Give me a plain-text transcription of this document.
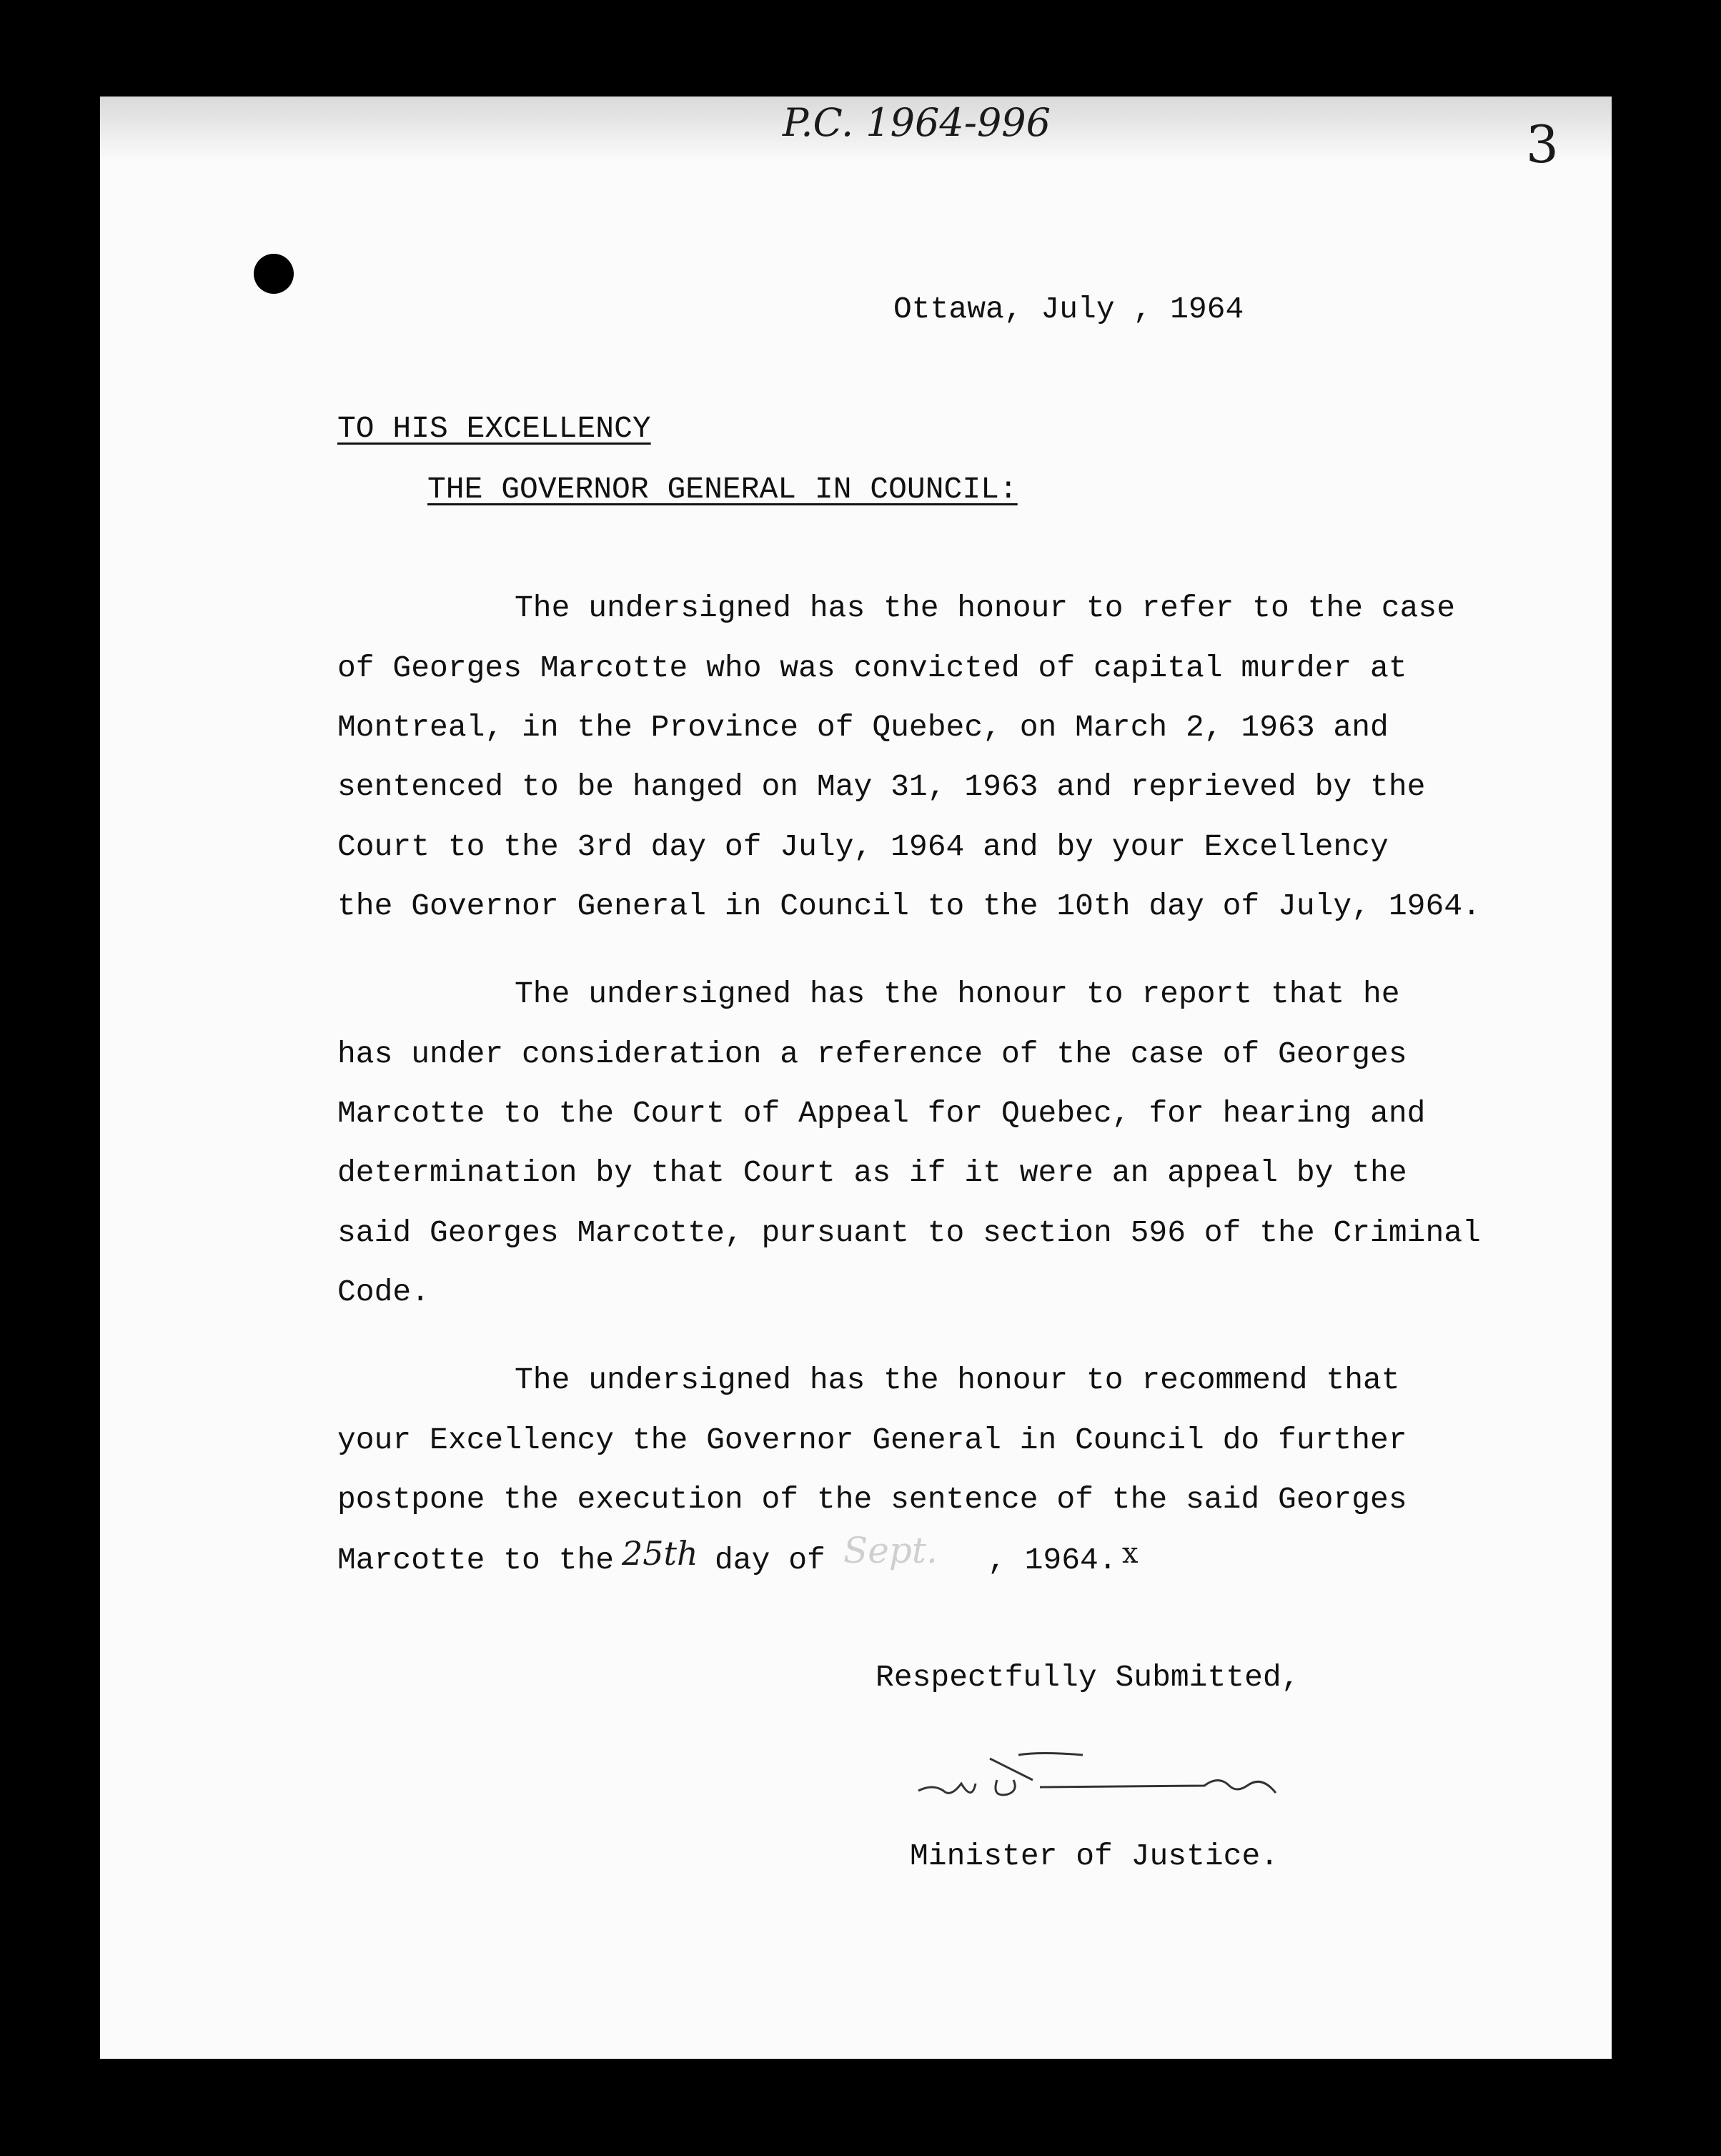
P.C. 1964-996	3
Ottawa, July , 1964
TO HIS EXCELLENCY
THE GOVERNOR GENERAL IN COUNCIL:
The undersigned has the honour to refer to the case
of Georges Marcotte who was convicted of capital murder at
Montreal, in the Province of Quebec, on March 2, 1963 and
sentenced to be hanged on May 31, 1963 and reprieved by the
Court to the 3rd day of July, 1964 and by your Excellency
the Governor General in Council to the 10th day of July, 1964.
The undersigned has the honour to report that he
has under consideration a reference of the case of Georges
Marcotte to the Court of Appeal for Quebec, for hearing and
determination by that Court as if it were an appeal by the
said Georges Marcotte, pursuant to section 596 of the Criminal
Code.
The undersigned has the honour to recommend that
your Excellency the Governor General in Council do further
postpone the execution of the sentence of the said Georges
Marcotte to the 25th day of Sept. , 1964. x
Respectfully Submitted,
Minister of Justice.
